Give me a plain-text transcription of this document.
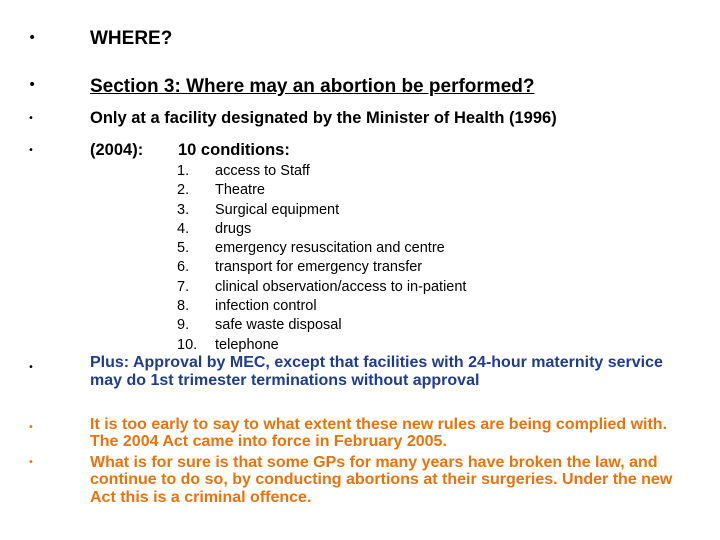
•	WHERE?
•	Section 3: Where may an abortion be performed?
•	Only at a facility designated by the Minister of Health (1996)
•	(2004): 10 conditions:
1. access to Staff
2. Theatre
3. Surgical equipment
4. drugs
5. emergency resuscitation and centre
6. transport for emergency transfer
7. clinical observation/access to in-patient
8. infection control
9. safe waste disposal
10. telephone
•	Plus: Approval by MEC, except that facilities with 24-hour maternity service may do 1st trimester terminations without approval
•	It is too early to say to what extent these new rules are being complied with. The 2004 Act came into force in February 2005.
•	What is for sure is that some GPs for many years have broken the law, and continue to do so, by conducting abortions at their surgeries. Under the new Act this is a criminal offence.
